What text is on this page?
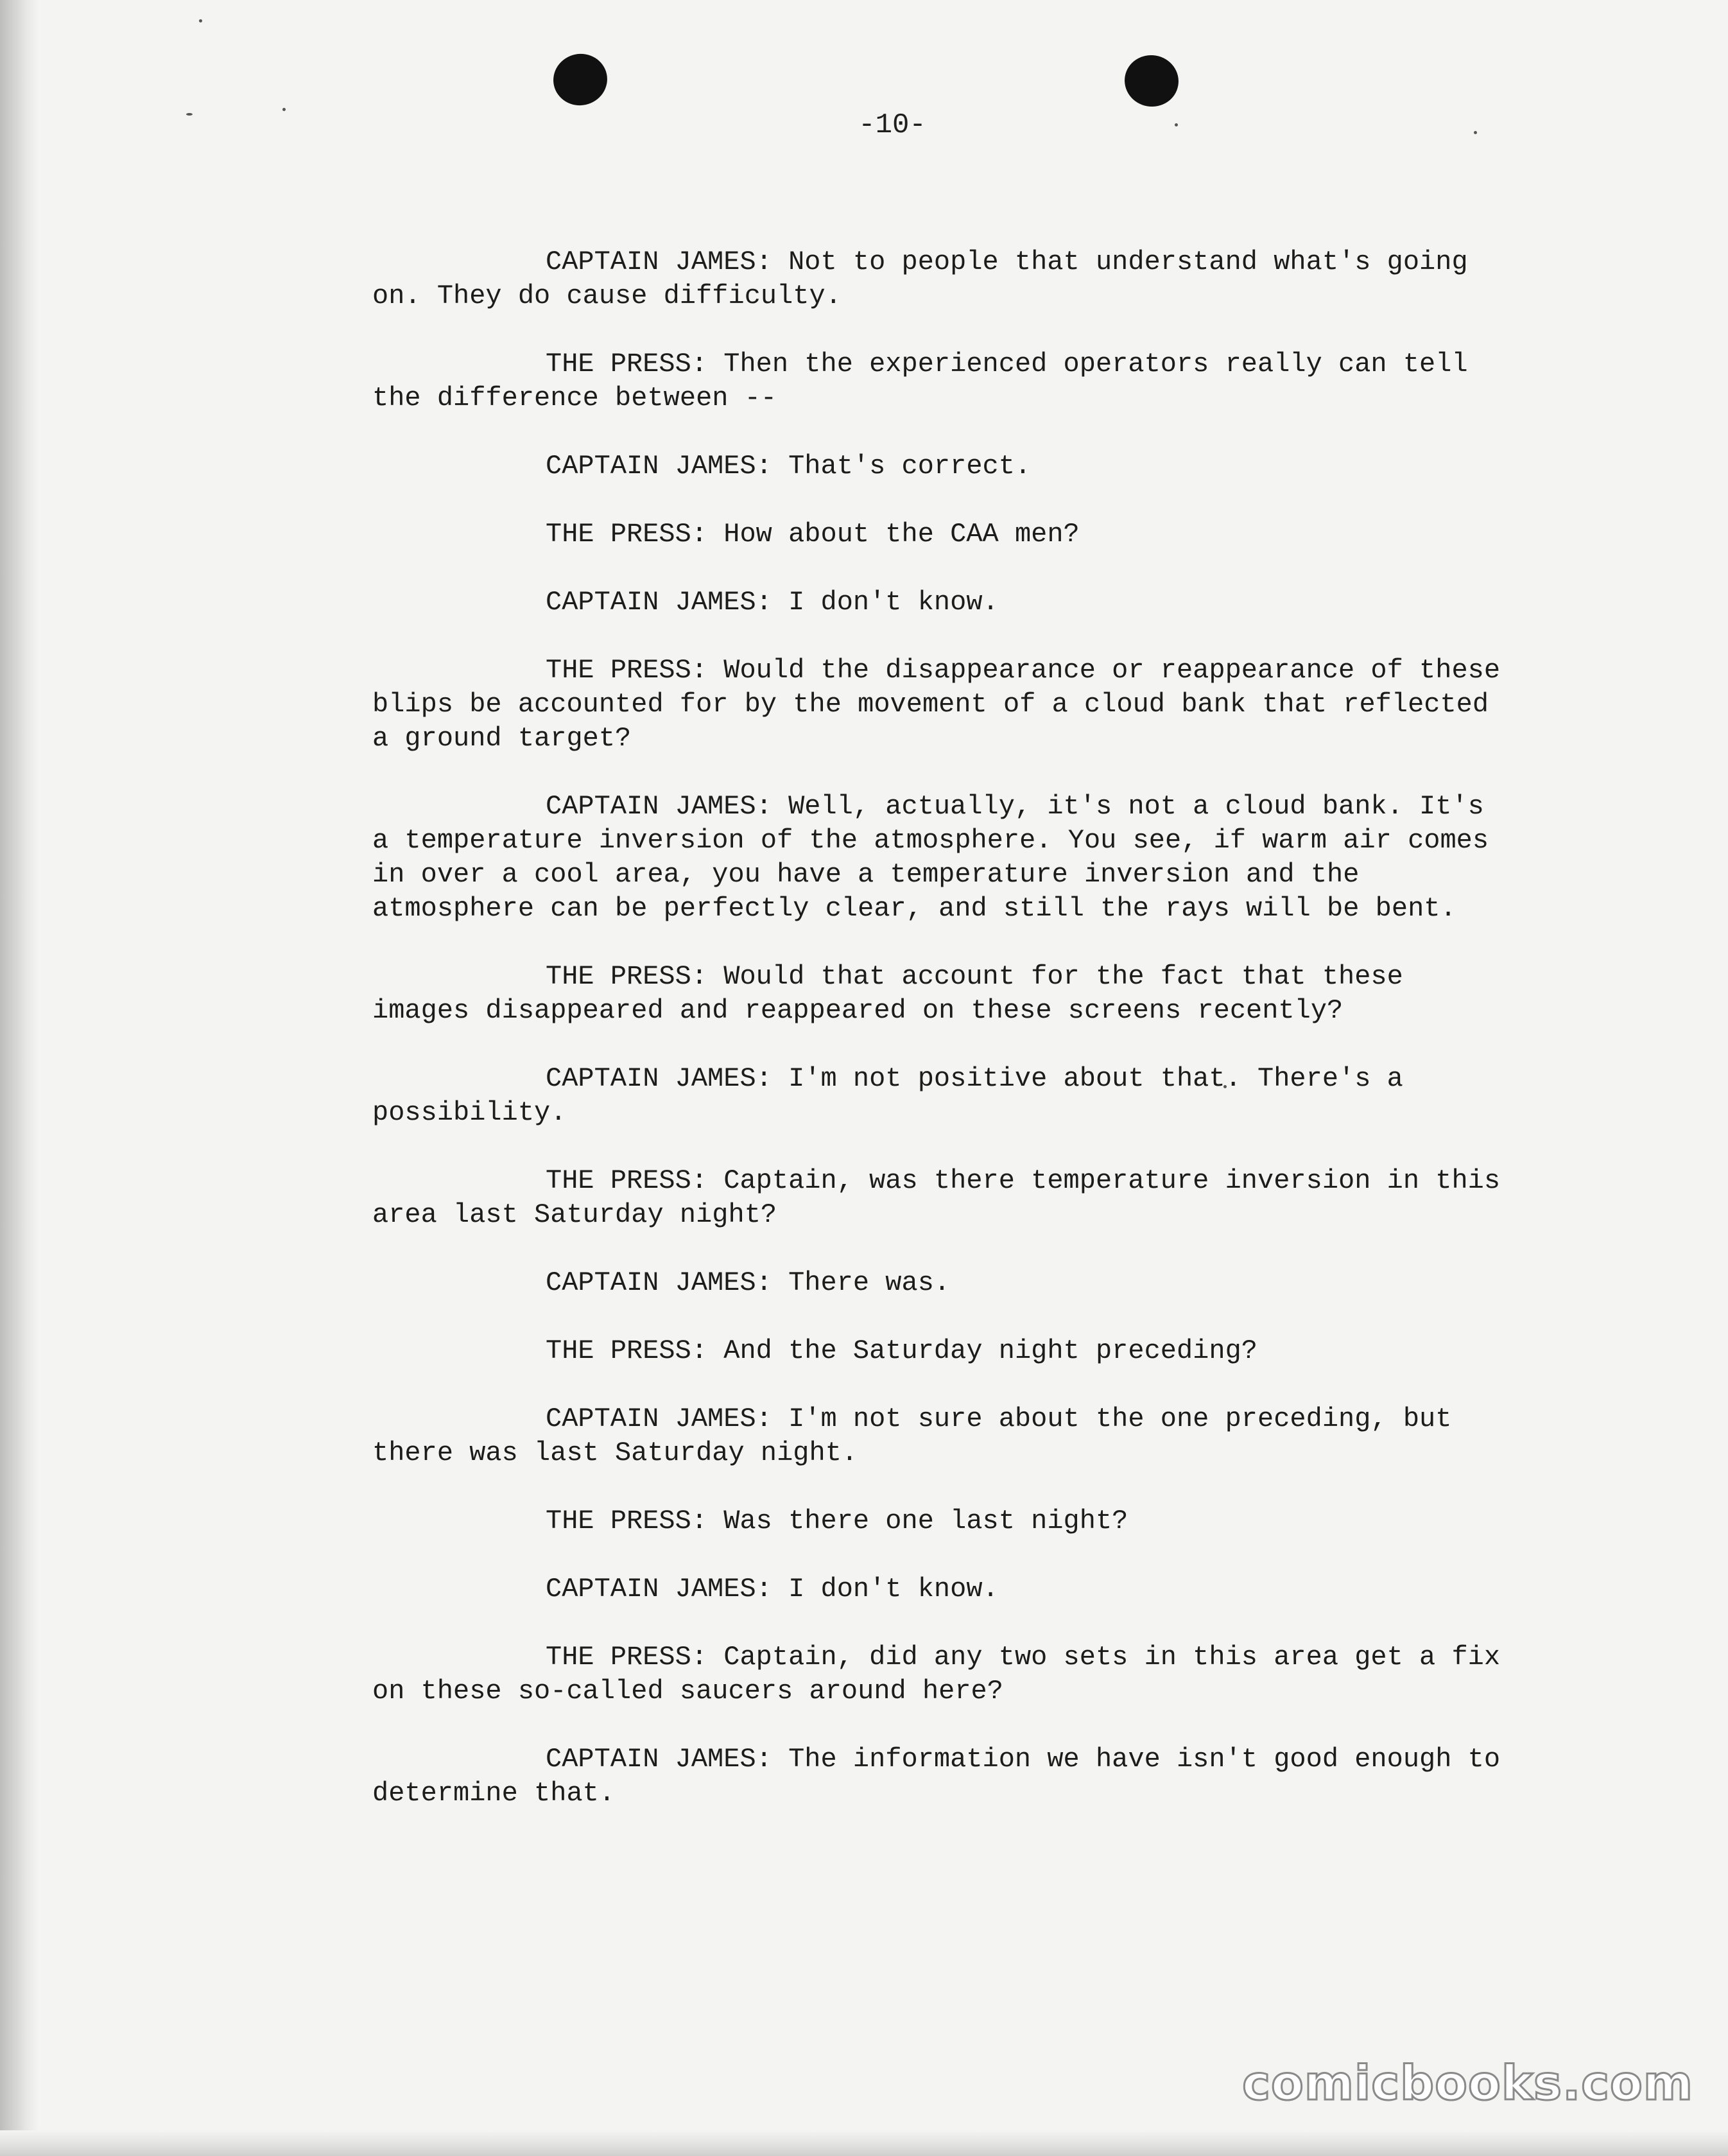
-10-

CAPTAIN JAMES: Not to people that understand what's going on. They do cause difficulty.

THE PRESS: Then the experienced operators really can tell the difference between --

CAPTAIN JAMES: That's correct.

THE PRESS: How about the CAA men?

CAPTAIN JAMES: I don't know.

THE PRESS: Would the disappearance or reappearance of these blips be accounted for by the movement of a cloud bank that reflected a ground target?

CAPTAIN JAMES: Well, actually, it's not a cloud bank. It's a temperature inversion of the atmosphere. You see, if warm air comes in over a cool area, you have a temperature inversion and the atmosphere can be perfectly clear, and still the rays will be bent.

THE PRESS: Would that account for the fact that these images disappeared and reappeared on these screens recently?

CAPTAIN JAMES: I'm not positive about that. There's a possibility.

THE PRESS: Captain, was there temperature inversion in this area last Saturday night?

CAPTAIN JAMES: There was.

THE PRESS: And the Saturday night preceding?

CAPTAIN JAMES: I'm not sure about the one preceding, but there was last Saturday night.

THE PRESS: Was there one last night?

CAPTAIN JAMES: I don't know.

THE PRESS: Captain, did any two sets in this area get a fix on these so-called saucers around here?

CAPTAIN JAMES: The information we have isn't good enough to determine that.

comicbooks.com
